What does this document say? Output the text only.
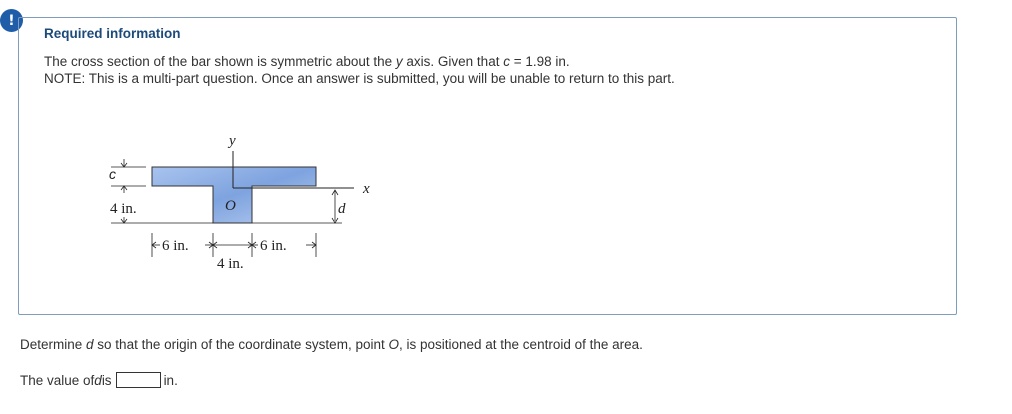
!
Required information
The cross section of the bar shown is symmetric about the y axis. Given that c = 1.98 in.
NOTE: This is a multi-part question. Once an answer is submitted, you will be unable to return to this part.
y
x
O
c
4 in.	d
6 in.
4 in.
6 in.
Determine d so that the origin of the coordinate system, point O, is positioned at the centroid of the area.
The value of d is	in.
